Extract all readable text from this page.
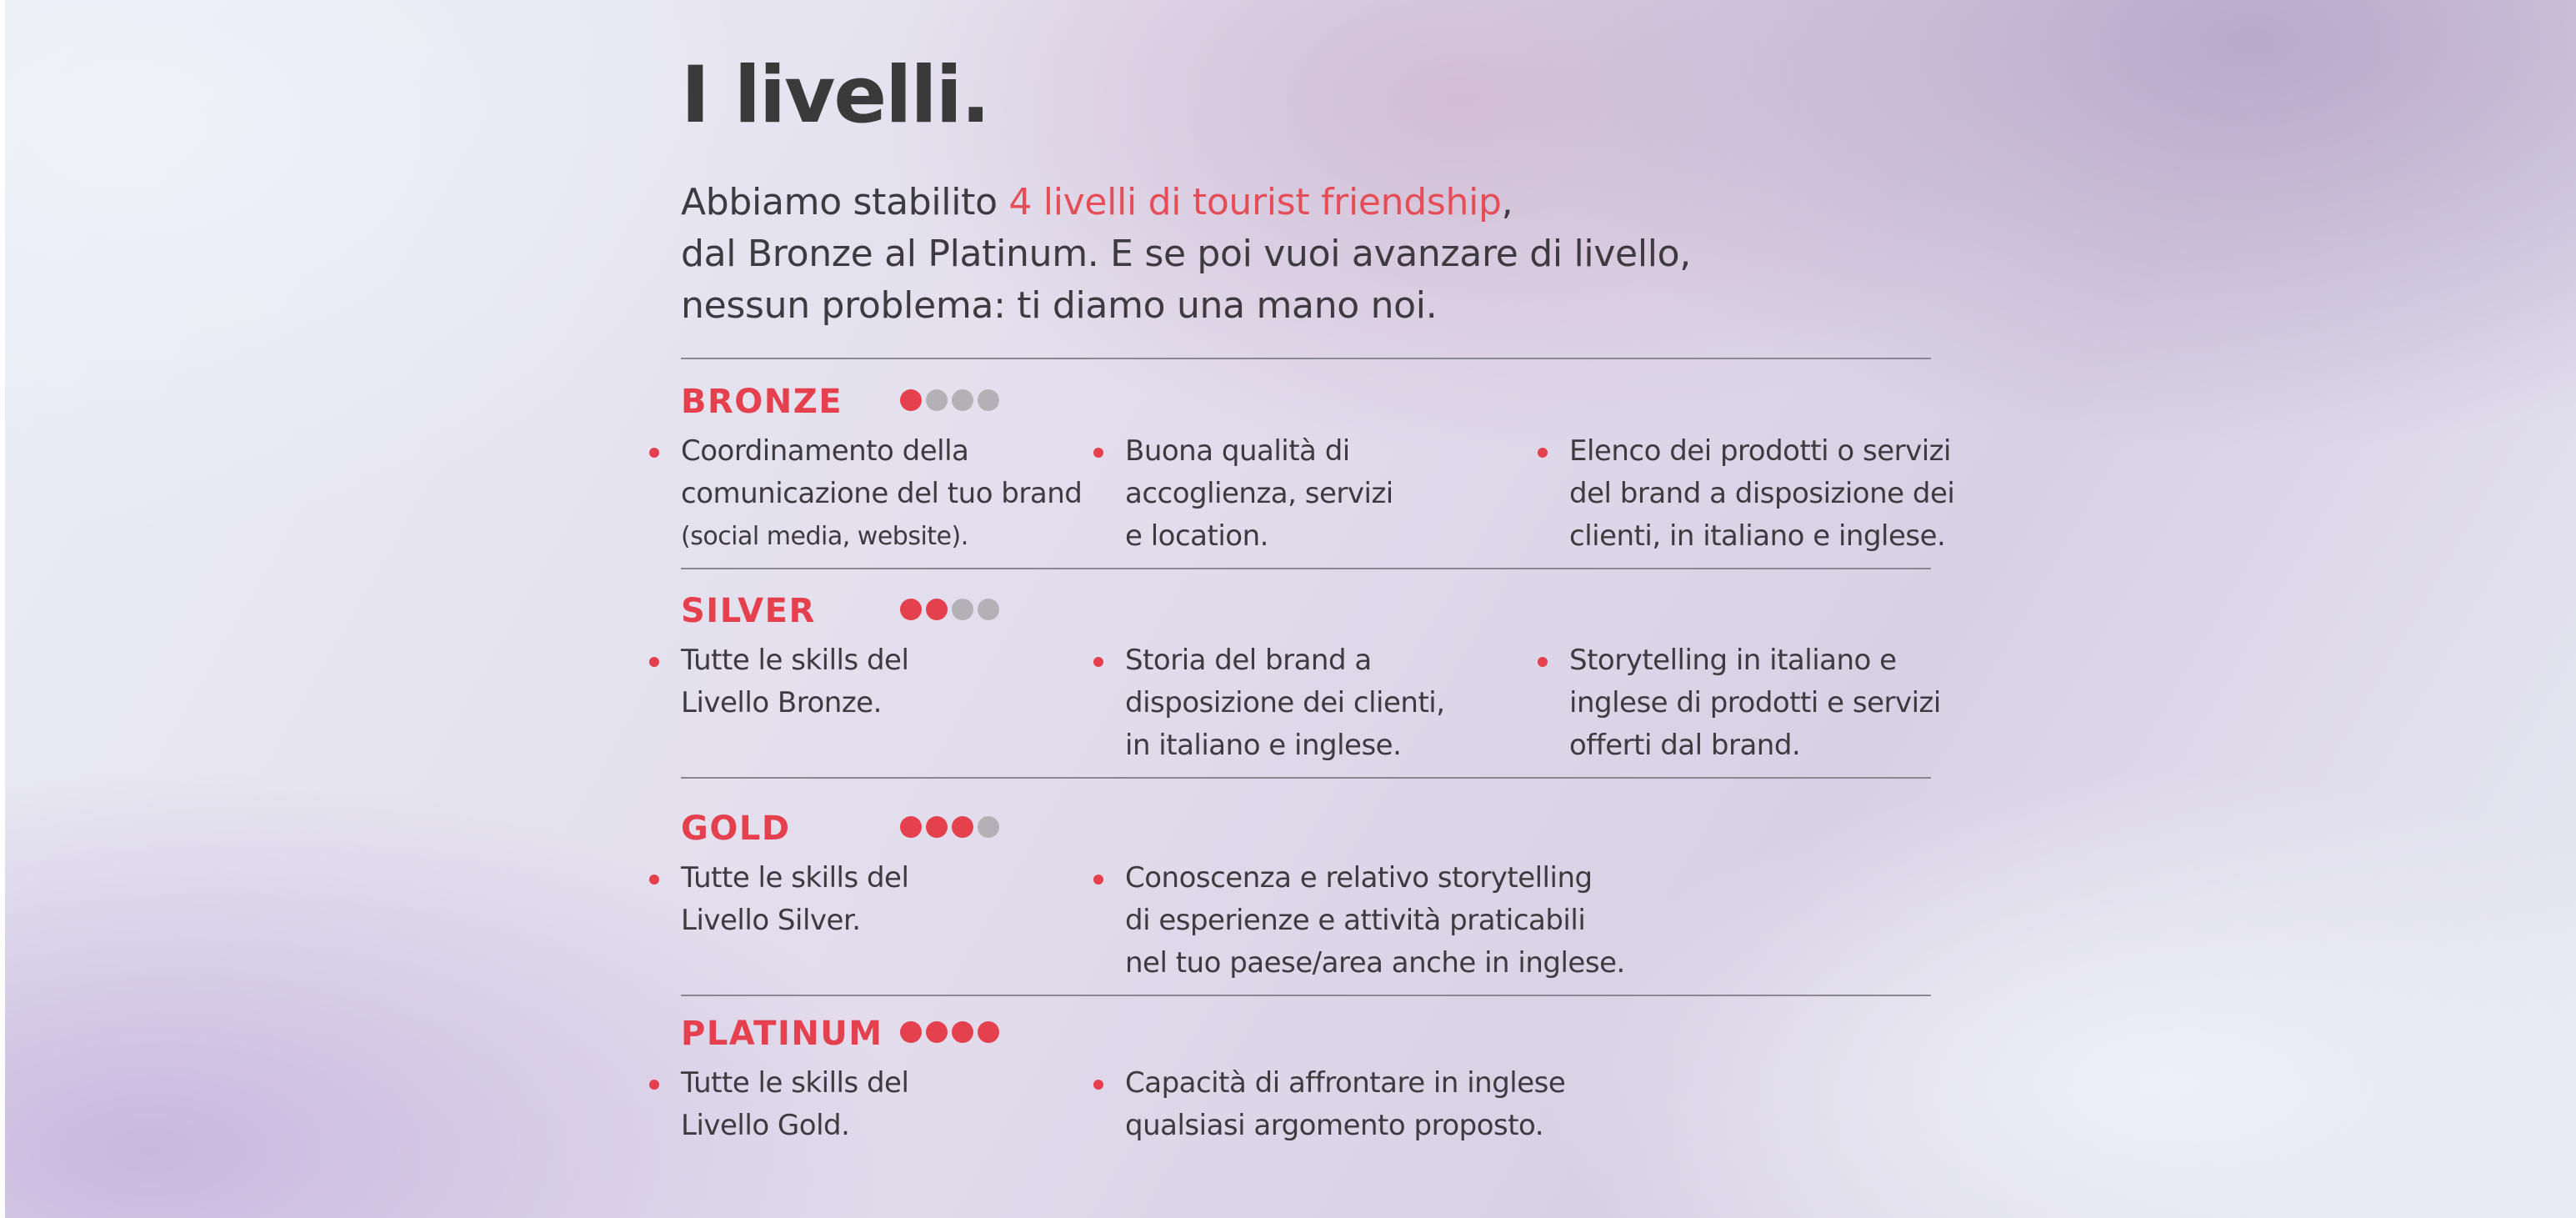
I livelli.

Abbiamo stabilito 4 livelli di tourist friendship,
dal Bronze al Platinum. E se poi vuoi avanzare di livello,
nessun problema: ti diamo una mano noi.

BRONZE
Coordinamento della
comunicazione del tuo brand
(social media, website).
Buona qualità di
accoglienza, servizi
e location.
Elenco dei prodotti o servizi
del brand a disposizione dei
clienti, in italiano e inglese.
SILVER
Tutte le skills del
Livello Bronze.
Storia del brand a
disposizione dei clienti,
in italiano e inglese.
Storytelling in italiano e
inglese di prodotti e servizi
offerti dal brand.
GOLD
Tutte le skills del
Livello Silver.
Conoscenza e relativo storytelling
di esperienze e attività praticabili
nel tuo paese/area anche in inglese.
PLATINUM
Tutte le skills del
Livello Gold.
Capacità di affrontare in inglese
qualsiasi argomento proposto.
